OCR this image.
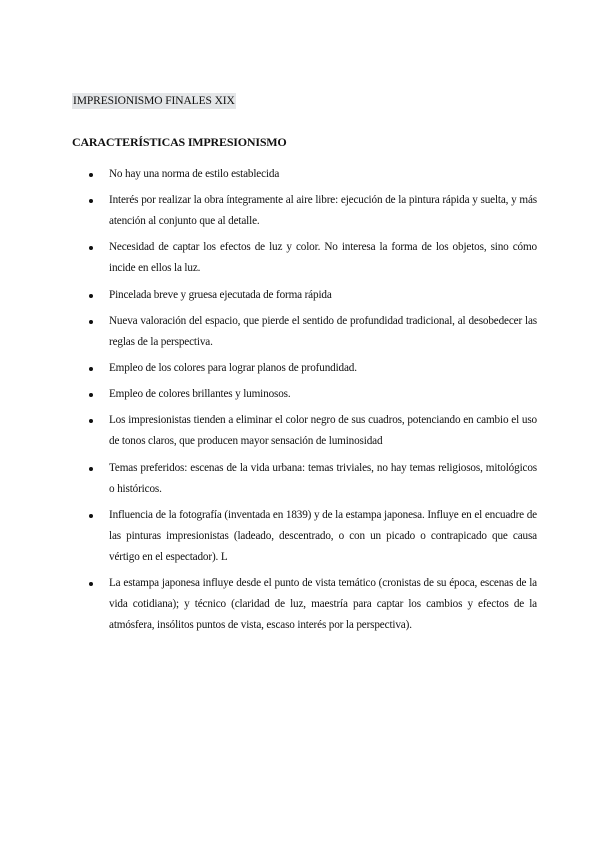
IMPRESIONISMO FINALES XIX
CARACTERÍSTICAS IMPRESIONISMO
No hay una norma de estilo establecida
Interés por realizar la obra íntegramente al aire libre: ejecución de la pintura rápida y suelta, y más atención al conjunto que al detalle.
Necesidad de captar los efectos de luz y color. No interesa la forma de los objetos, sino cómo incide en ellos la luz.
Pincelada breve y gruesa ejecutada de forma rápida
Nueva valoración del espacio, que pierde el sentido de profundidad tradicional, al desobedecer las reglas de la perspectiva.
Empleo de los colores para lograr planos de profundidad.
Empleo de colores brillantes y luminosos.
Los impresionistas tienden a eliminar el color negro de sus cuadros, potenciando en cambio el uso de tonos claros, que producen mayor sensación de luminosidad
Temas preferidos: escenas de la vida urbana: temas triviales, no hay temas religiosos, mitológicos o históricos.
Influencia de la fotografía (inventada en 1839) y de la estampa japonesa. Influye en el encuadre de las pinturas impresionistas (ladeado, descentrado, o con un picado o contrapicado que causa vértigo en el espectador). L
La estampa japonesa influye desde el punto de vista temático (cronistas de su época, escenas de la vida cotidiana); y técnico (claridad de luz, maestría para captar los cambios y efectos de la atmósfera, insólitos puntos de vista, escaso interés por la perspectiva).
